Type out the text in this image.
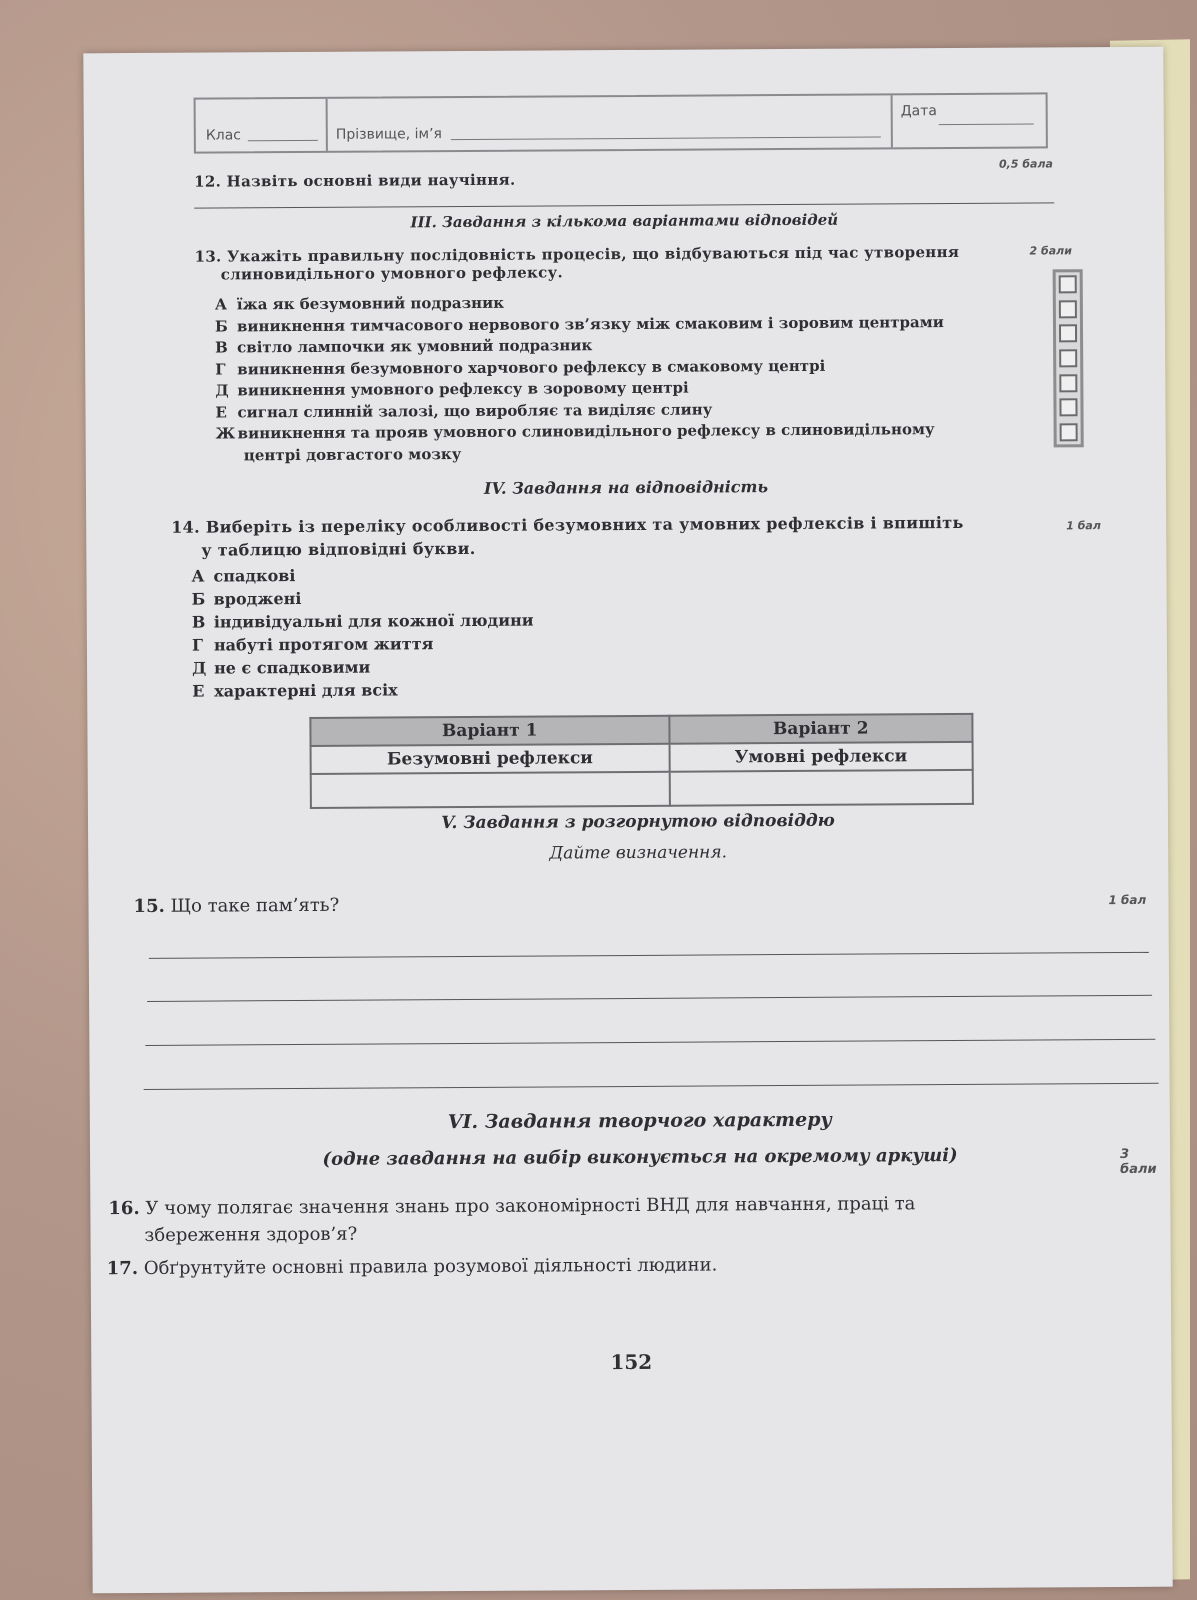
Клас	Прізвище, ім’я
Дата
12. Назвіть основні види научіння.
0,5 бала
III. Завдання з кількома варіантами відповідей
13. Укажіть правильну послідовність процесів, що відбуваються під час утворення
слиновидільного умовного рефлексу.
2 бали
А їжа як безумовний подразник
Б виникнення тимчасового нервового зв’язку між смаковим і зоровим центрами
В світло лампочки як умовний подразник
Г виникнення безумовного харчового рефлексу в смаковому центрі
Д виникнення умовного рефлексу в зоровому центрі
Е сигнал слинній залозі, що виробляє та виділяє слину
Ж виникнення та прояв умовного слиновидільного рефлексу в слиновидільному
центрі довгастого мозку
IV. Завдання на відповідність
14. Виберіть із переліку особливості безумовних та умовних рефлексів і впишіть
у таблицю відповідні букви.
1 бал
А спадкові
Б вроджені
В індивідуальні для кожної людини
Г набуті протягом життя
Д не є спадковими
Е характерні для всіх
Варіант 1	Варіант 2
Безумовні рефлекси	Умовні рефлекси

V. Завдання з розгорнутою відповіддю
Дайте визначення.
15. Що таке пам’ять?	1 бал
VI. Завдання творчого характеру
(одне завдання на вибір виконується на окремому аркуші)	3 бали
16. У чому полягає значення знань про закономірності ВНД для навчання, праці та
збереження здоров’я?
17. Обґрунтуйте основні правила розумової діяльності людини.
152
